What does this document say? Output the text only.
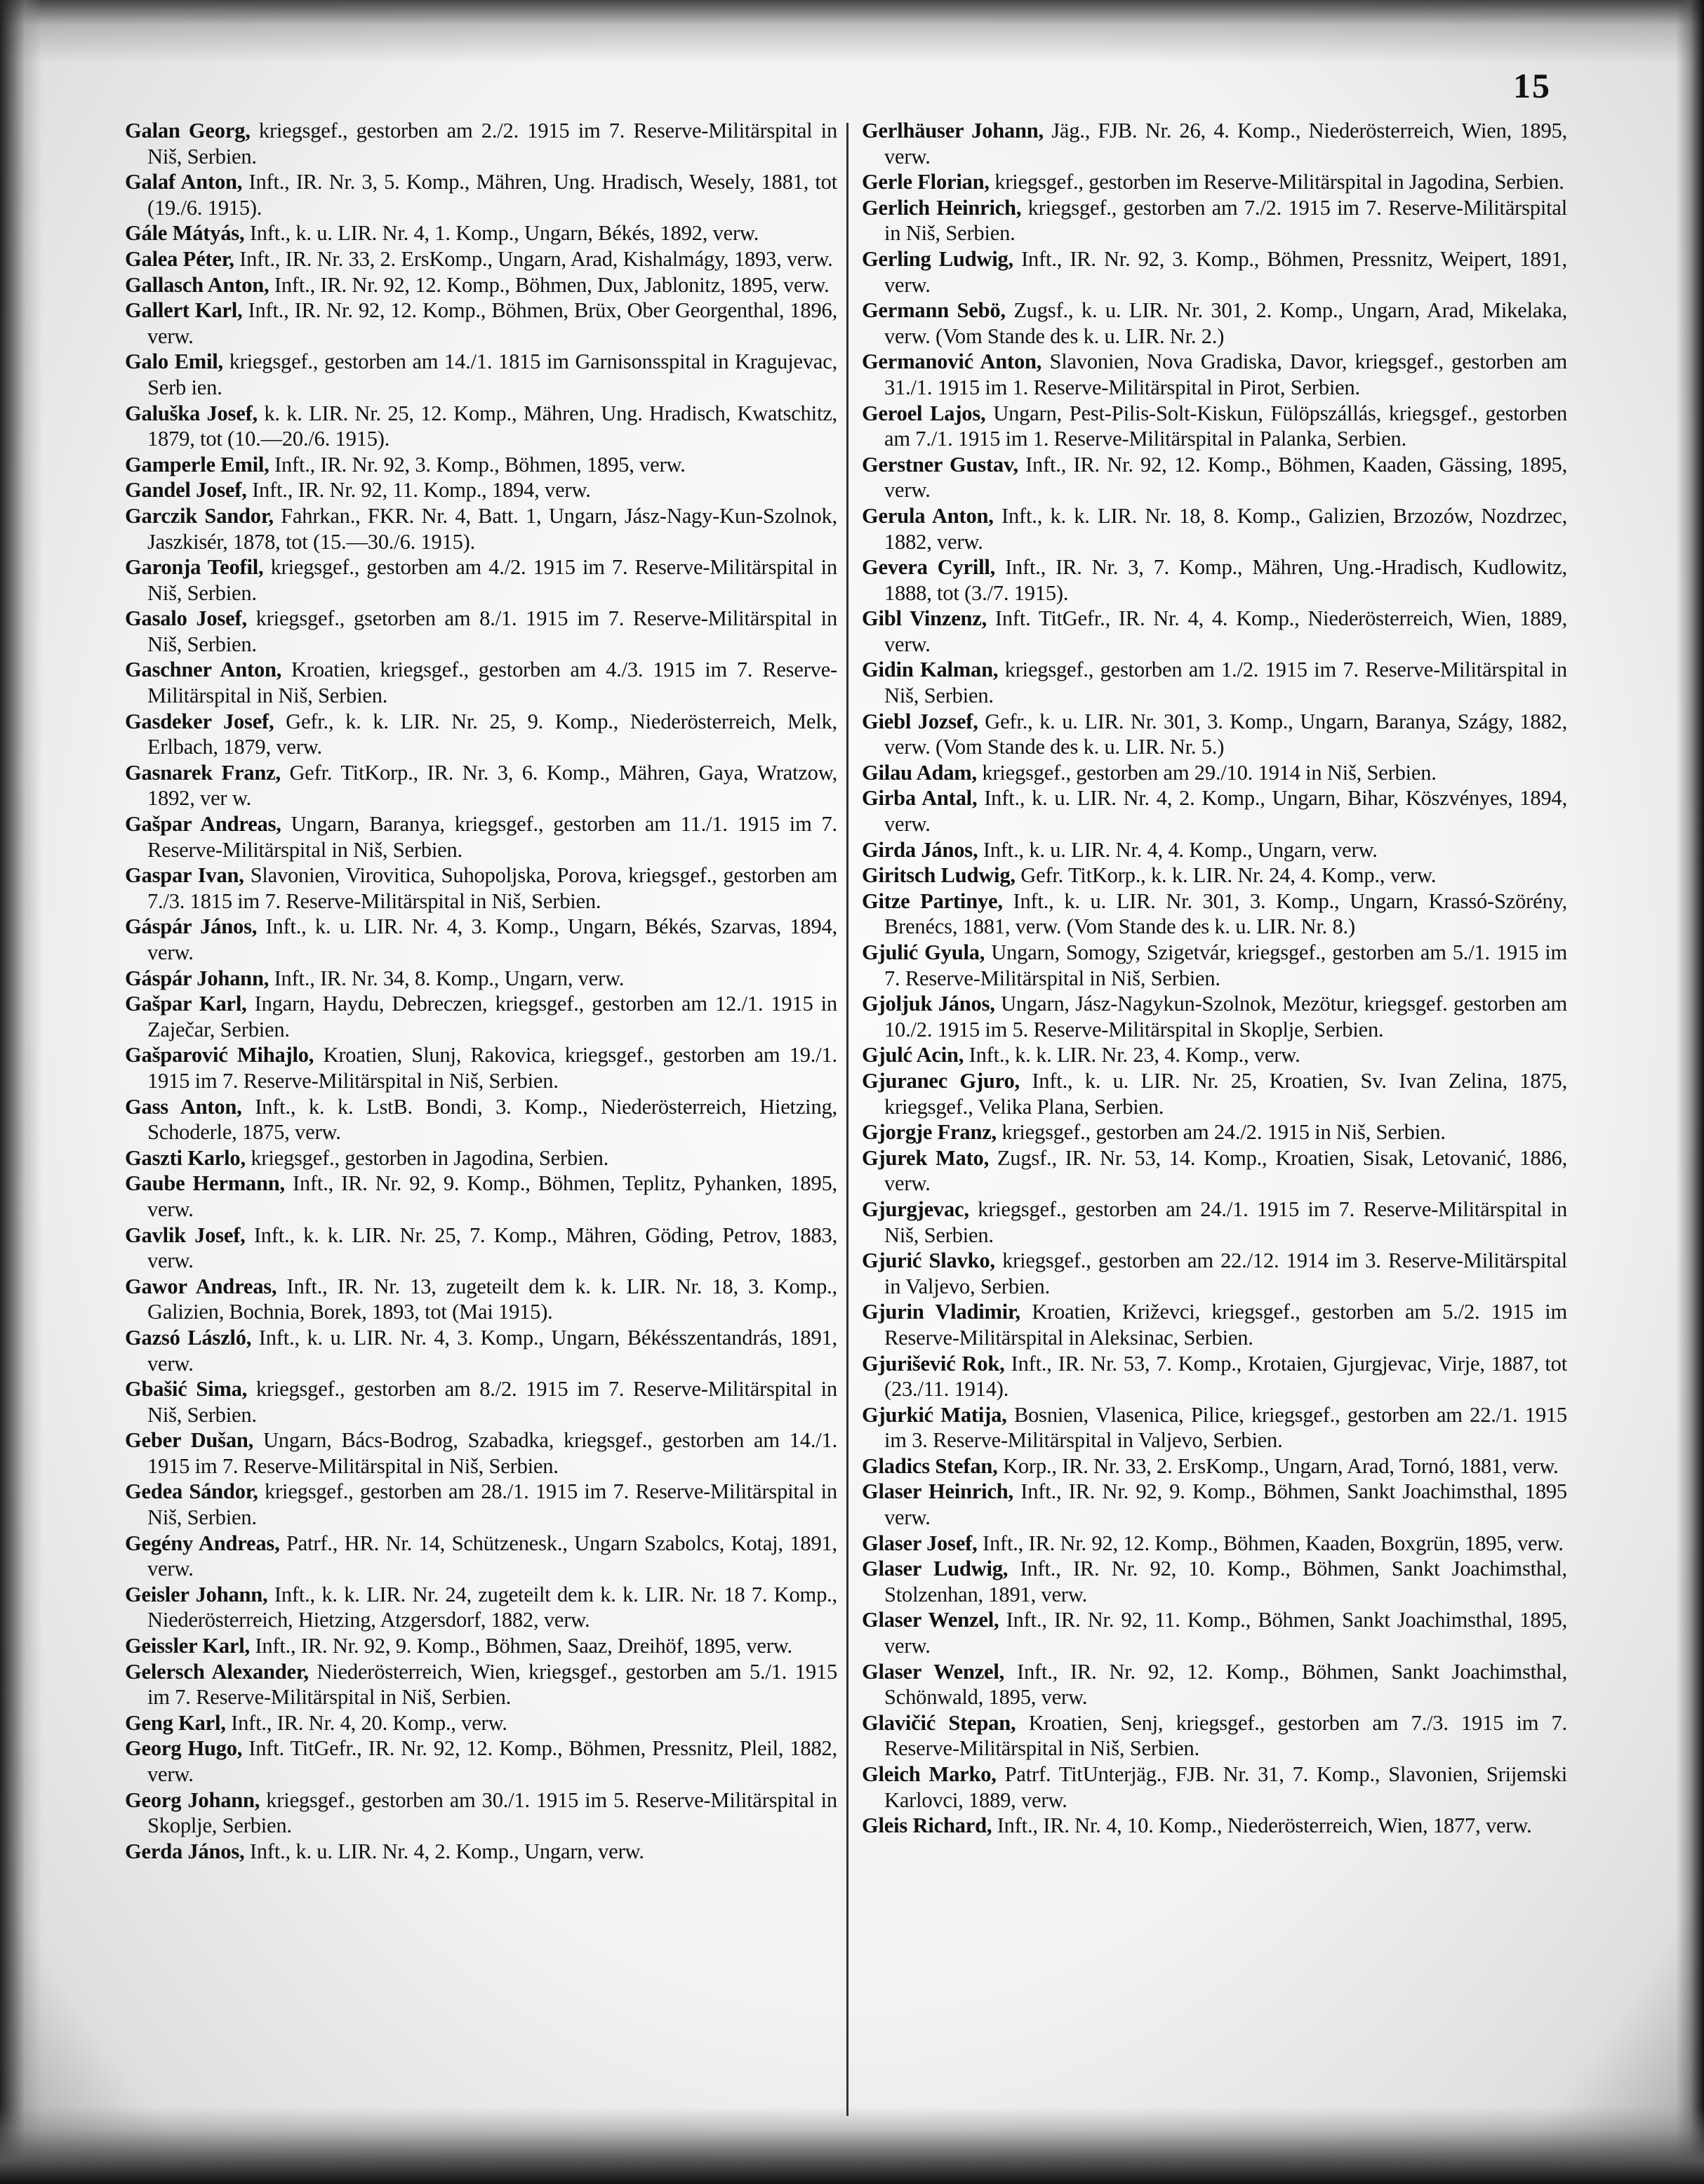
15

Galan Georg, kriegsgef., gestorben am 2./2. 1915 im 7. Reserve-Militärspital in Niš, Serbien.

Galaf Anton, Inft., IR. Nr. 3, 5. Komp., Mähren, Ung. Hradisch, Wesely, 1881, tot (19./6. 1915).

Gále Mátyás, Inft., k. u. LIR. Nr. 4, 1. Komp., Ungarn, Békés, 1892, verw.

Galea Péter, Inft., IR. Nr. 33, 2. ErsKomp., Ungarn, Arad, Kishalmágy, 1893, verw.

Gallasch Anton, Inft., IR. Nr. 92, 12. Komp., Böhmen, Dux, Jablonitz, 1895, verw.

Gallert Karl, Inft., IR. Nr. 92, 12. Komp., Böhmen, Brüx, Ober Georgenthal, 1896, verw.

Galo Emil, kriegsgef., gestorben am 14./1. 1815 im Garnisonsspital in Kragujevac, Serb ien.

Galuška Josef, k. k. LIR. Nr. 25, 12. Komp., Mähren, Ung. Hradisch, Kwatschitz, 1879, tot (10.—20./6. 1915).

Gamperle Emil, Inft., IR. Nr. 92, 3. Komp., Böhmen, 1895, verw.

Gandel Josef, Inft., IR. Nr. 92, 11. Komp., 1894, verw.

Garczik Sandor, Fahrkan., FKR. Nr. 4, Batt. 1, Ungarn, Jász-Nagy-Kun-Szolnok, Jaszkisér, 1878, tot (15.—30./6. 1915).

Garonja Teofil, kriegsgef., gestorben am 4./2. 1915 im 7. Reserve-Militärspital in Niš, Serbien.

Gasalo Josef, kriegsgef., gsetorben am 8./1. 1915 im 7. Reserve-Militärspital in Niš, Serbien.

Gaschner Anton, Kroatien, kriegsgef., gestorben am 4./3. 1915 im 7. Reserve-Militärspital in Niš, Serbien.

Gasdeker Josef, Gefr., k. k. LIR. Nr. 25, 9. Komp., Niederösterreich, Melk, Erlbach, 1879, verw.

Gasnarek Franz, Gefr. TitKorp., IR. Nr. 3, 6. Komp., Mähren, Gaya, Wratzow, 1892, ver w.

Gašpar Andreas, Ungarn, Baranya, kriegsgef., gestorben am 11./1. 1915 im 7. Reserve-Militärspital in Niš, Serbien.

Gaspar Ivan, Slavonien, Virovitica, Suhopoljska, Porova, kriegsgef., gestorben am 7./3. 1815 im 7. Reserve-Militärspital in Niš, Serbien.

Gáspár János, Inft., k. u. LIR. Nr. 4, 3. Komp., Ungarn, Békés, Szarvas, 1894, verw.

Gáspár Johann, Inft., IR. Nr. 34, 8. Komp., Ungarn, verw.

Gašpar Karl, Ingarn, Haydu, Debreczen, kriegsgef., gestorben am 12./1. 1915 in Zaječar, Serbien.

Gašparović Mihajlo, Kroatien, Slunj, Rakovica, kriegsgef., gestorben am 19./1. 1915 im 7. Reserve-Militärspital in Niš, Serbien.

Gass Anton, Inft., k. k. LstB. Bondi, 3. Komp., Niederösterreich, Hietzing, Schoderle, 1875, verw.

Gaszti Karlo, kriegsgef., gestorben in Jagodina, Serbien.

Gaube Hermann, Inft., IR. Nr. 92, 9. Komp., Böhmen, Teplitz, Pyhanken, 1895, verw.

Gavlik Josef, Inft., k. k. LIR. Nr. 25, 7. Komp., Mähren, Göding, Petrov, 1883, verw.

Gawor Andreas, Inft., IR. Nr. 13, zugeteilt dem k. k. LIR. Nr. 18, 3. Komp., Galizien, Bochnia, Borek, 1893, tot (Mai 1915).

Gazsó László, Inft., k. u. LIR. Nr. 4, 3. Komp., Ungarn, Békésszentandrás, 1891, verw.

Gbašić Sima, kriegsgef., gestorben am 8./2. 1915 im 7. Reserve-Militärspital in Niš, Serbien.

Geber Dušan, Ungarn, Bács-Bodrog, Szabadka, kriegsgef., gestorben am 14./1. 1915 im 7. Reserve-Militärspital in Niš, Serbien.

Gedea Sándor, kriegsgef., gestorben am 28./1. 1915 im 7. Reserve-Militärspital in Niš, Serbien.

Gegény Andreas, Patrf., HR. Nr. 14, Schützenesk., Ungarn Szabolcs, Kotaj, 1891, verw.

Geisler Johann, Inft., k. k. LIR. Nr. 24, zugeteilt dem k. k. LIR. Nr. 18 7. Komp., Niederösterreich, Hietzing, Atzgersdorf, 1882, verw.

Geissler Karl, Inft., IR. Nr. 92, 9. Komp., Böhmen, Saaz, Dreihöf, 1895, verw.

Gelersch Alexander, Niederösterreich, Wien, kriegsgef., gestorben am 5./1. 1915 im 7. Reserve-Militärspital in Niš, Serbien.

Geng Karl, Inft., IR. Nr. 4, 20. Komp., verw.

Georg Hugo, Inft. TitGefr., IR. Nr. 92, 12. Komp., Böhmen, Pressnitz, Pleil, 1882, verw.

Georg Johann, kriegsgef., gestorben am 30./1. 1915 im 5. Reserve-Militärspital in Skoplje, Serbien.

Gerda János, Inft., k. u. LIR. Nr. 4, 2. Komp., Ungarn, verw.

Gerlhäuser Johann, Jäg., FJB. Nr. 26, 4. Komp., Niederösterreich, Wien, 1895, verw.

Gerle Florian, kriegsgef., gestorben im Reserve-Militärspital in Jagodina, Serbien.

Gerlich Heinrich, kriegsgef., gestorben am 7./2. 1915 im 7. Reserve-Militärspital in Niš, Serbien.

Gerling Ludwig, Inft., IR. Nr. 92, 3. Komp., Böhmen, Pressnitz, Weipert, 1891, verw.

Germann Sebö, Zugsf., k. u. LIR. Nr. 301, 2. Komp., Ungarn, Arad, Mikelaka, verw. (Vom Stande des k. u. LIR. Nr. 2.)

Germanović Anton, Slavonien, Nova Gradiska, Davor, kriegsgef., gestorben am 31./1. 1915 im 1. Reserve-Militärspital in Pirot, Serbien.

Geroel Lajos, Ungarn, Pest-Pilis-Solt-Kiskun, Fülöpszállás, kriegsgef., gestorben am 7./1. 1915 im 1. Reserve-Militärspital in Palanka, Serbien.

Gerstner Gustav, Inft., IR. Nr. 92, 12. Komp., Böhmen, Kaaden, Gässing, 1895, verw.

Gerula Anton, Inft., k. k. LIR. Nr. 18, 8. Komp., Galizien, Brzozów, Nozdrzec, 1882, verw.

Gevera Cyrill, Inft., IR. Nr. 3, 7. Komp., Mähren, Ung.-Hradisch, Kudlowitz, 1888, tot (3./7. 1915).

Gibl Vinzenz, Inft. TitGefr., IR. Nr. 4, 4. Komp., Niederösterreich, Wien, 1889, verw.

Gidin Kalman, kriegsgef., gestorben am 1./2. 1915 im 7. Reserve-Militärspital in Niš, Serbien.

Giebl Jozsef, Gefr., k. u. LIR. Nr. 301, 3. Komp., Ungarn, Baranya, Szágy, 1882, verw. (Vom Stande des k. u. LIR. Nr. 5.)

Gilau Adam, kriegsgef., gestorben am 29./10. 1914 in Niš, Serbien.

Girba Antal, Inft., k. u. LIR. Nr. 4, 2. Komp., Ungarn, Bihar, Köszvényes, 1894, verw.

Girda János, Inft., k. u. LIR. Nr. 4, 4. Komp., Ungarn, verw.

Giritsch Ludwig, Gefr. TitKorp., k. k. LIR. Nr. 24, 4. Komp., verw.

Gitze Partinye, Inft., k. u. LIR. Nr. 301, 3. Komp., Ungarn, Krassó-Szörény, Brenécs, 1881, verw. (Vom Stande des k. u. LIR. Nr. 8.)

Gjulić Gyula, Ungarn, Somogy, Szigetvár, kriegsgef., gestorben am 5./1. 1915 im 7. Reserve-Militärspital in Niš, Serbien.

Gjoljuk János, Ungarn, Jász-Nagykun-Szolnok, Mezötur, kriegsgef. gestorben am 10./2. 1915 im 5. Reserve-Militärspital in Skoplje, Serbien.

Gjulć Acin, Inft., k. k. LIR. Nr. 23, 4. Komp., verw.

Gjuranec Gjuro, Inft., k. u. LIR. Nr. 25, Kroatien, Sv. Ivan Zelina, 1875, kriegsgef., Velika Plana, Serbien.

Gjorgje Franz, kriegsgef., gestorben am 24./2. 1915 in Niš, Serbien.

Gjurek Mato, Zugsf., IR. Nr. 53, 14. Komp., Kroatien, Sisak, Letovanić, 1886, verw.

Gjurgjevac, kriegsgef., gestorben am 24./1. 1915 im 7. Reserve-Militärspital in Niš, Serbien.

Gjurić Slavko, kriegsgef., gestorben am 22./12. 1914 im 3. Reserve-Militärspital in Valjevo, Serbien.

Gjurin Vladimir, Kroatien, Križevci, kriegsgef., gestorben am 5./2. 1915 im Reserve-Militärspital in Aleksinac, Serbien.

Gjurišević Rok, Inft., IR. Nr. 53, 7. Komp., Krotaien, Gjurgjevac, Virje, 1887, tot (23./11. 1914).

Gjurkić Matija, Bosnien, Vlasenica, Pilice, kriegsgef., gestorben am 22./1. 1915 im 3. Reserve-Militärspital in Valjevo, Serbien.

Gladics Stefan, Korp., IR. Nr. 33, 2. ErsKomp., Ungarn, Arad, Tornó, 1881, verw.

Glaser Heinrich, Inft., IR. Nr. 92, 9. Komp., Böhmen, Sankt Joachimsthal, 1895 verw.

Glaser Josef, Inft., IR. Nr. 92, 12. Komp., Böhmen, Kaaden, Boxgrün, 1895, verw.

Glaser Ludwig, Inft., IR. Nr. 92, 10. Komp., Böhmen, Sankt Joachimsthal, Stolzenhan, 1891, verw.

Glaser Wenzel, Inft., IR. Nr. 92, 11. Komp., Böhmen, Sankt Joachimsthal, 1895, verw.

Glaser Wenzel, Inft., IR. Nr. 92, 12. Komp., Böhmen, Sankt Joachimsthal, Schönwald, 1895, verw.

Glavičić Stepan, Kroatien, Senj, kriegsgef., gestorben am 7./3. 1915 im 7. Reserve-Militärspital in Niš, Serbien.

Gleich Marko, Patrf. TitUnterjäg., FJB. Nr. 31, 7. Komp., Slavonien, Srijemski Karlovci, 1889, verw.

Gleis Richard, Inft., IR. Nr. 4, 10. Komp., Niederösterreich, Wien, 1877, verw.
